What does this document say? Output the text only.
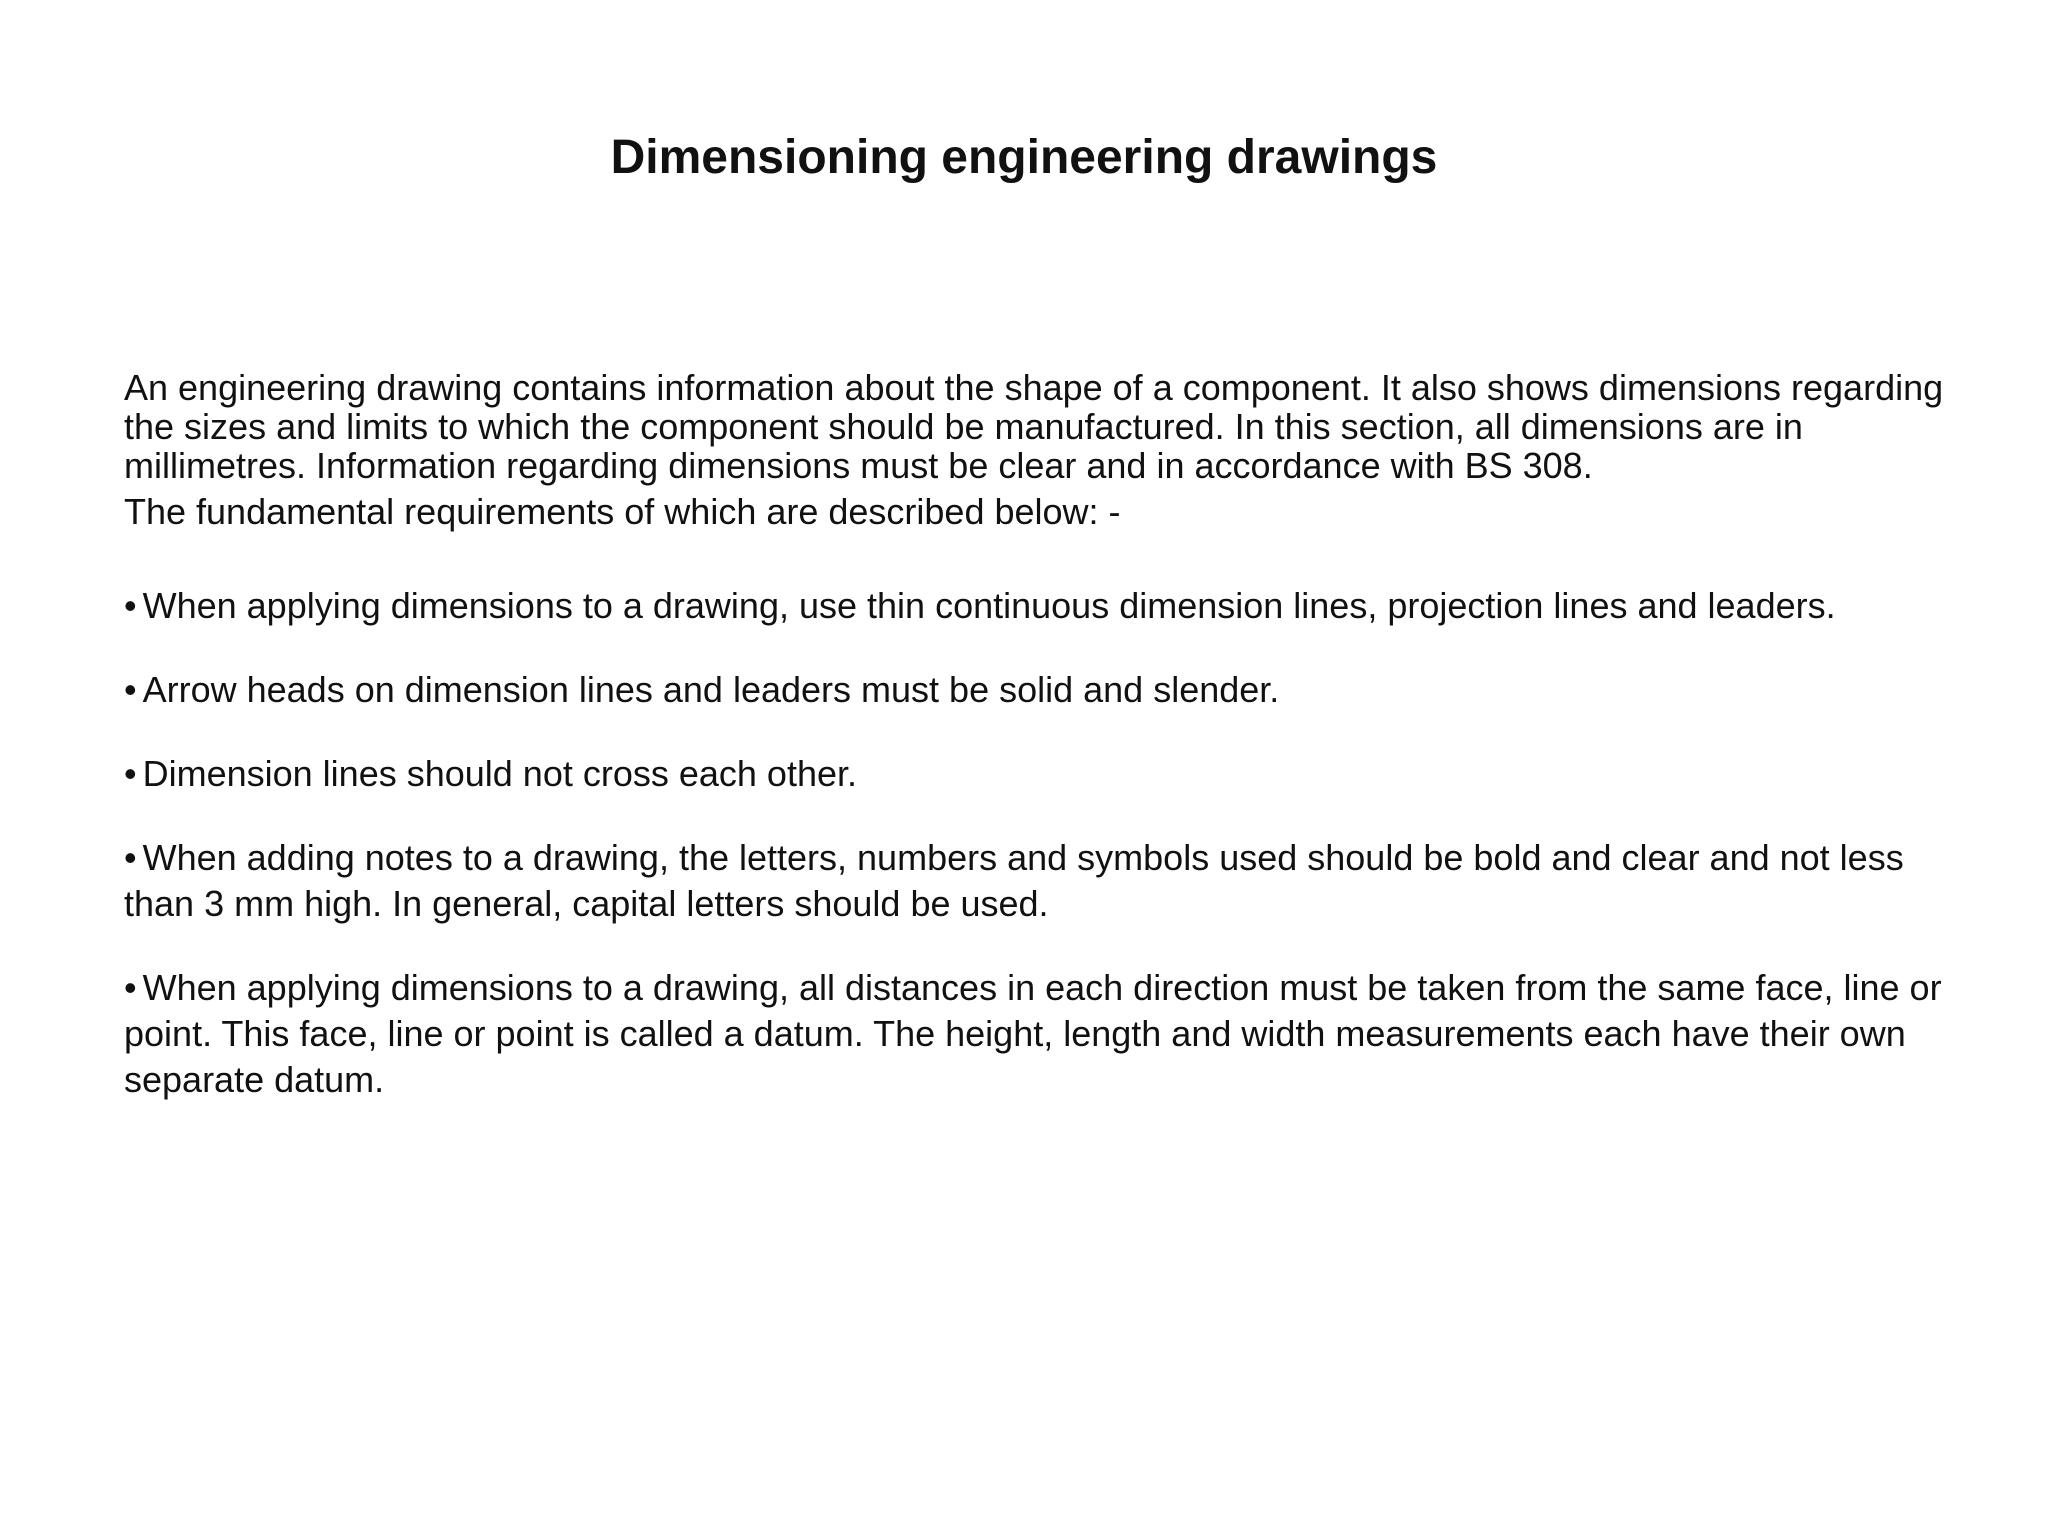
Dimensioning engineering drawings

An engineering drawing contains information about the shape of a component. It also shows dimensions regarding the sizes and limits to which the component should be manufactured. In this section, all dimensions are in millimetres. Information regarding dimensions must be clear and in accordance with BS 308.

The fundamental requirements of which are described below: -

• When applying dimensions to a drawing, use thin continuous dimension lines, projection lines and leaders.
• Arrow heads on dimension lines and leaders must be solid and slender.
• Dimension lines should not cross each other.
• When adding notes to a drawing, the letters, numbers and symbols used should be bold and clear and not less than 3 mm high. In general, capital letters should be used.
• When applying dimensions to a drawing, all distances in each direction must be taken from the same face, line or point. This face, line or point is called a datum. The height, length and width measurements each have their own separate datum.
